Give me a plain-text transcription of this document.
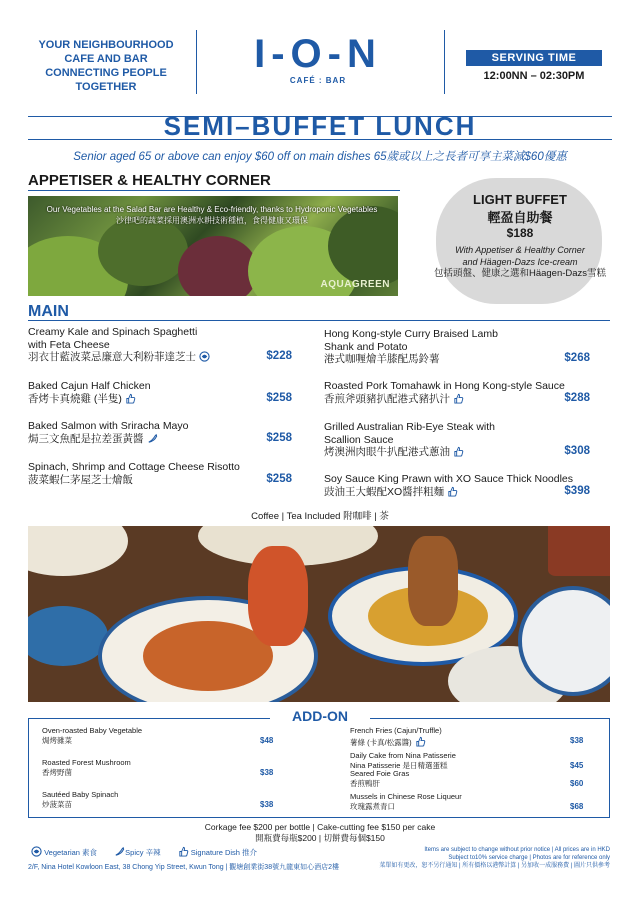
YOUR NEIGHBOURHOOD
CAFE AND BAR
CONNECTING PEOPLE
TOGETHER
I-O-N
CAFÉ : BAR
SERVING TIME
12:00NN – 02:30PM
SEMI–BUFFET LUNCH
Senior aged 65 or above can enjoy $60 off on main dishes 65歲或以上之長者可享主菜減$60優惠
APPETISER & HEALTHY CORNER
Our Vegetables at the Salad Bar are Healthy & Eco-friendly, thanks to Hydroponic Vegetables
沙律吧的蔬菜採用澳洲水耕技術種植，食得健康又環保
AQUAGREEN
LIGHT BUFFET
輕盈自助餐
$188
With Appetiser & Healthy Corner
and Häagen-Dazs Ice-cream
包括頭盤、健康之選和Häagen-Dazs雪糕
MAIN
Creamy Kale and Spinach Spaghetti
with Feta Cheese
羽衣甘藍波菜忌廉意大利粉菲達芝士	$228
Baked Cajun Half Chicken
香烤卡真燒雞 (半隻)	$258
Baked Salmon with Sriracha Mayo
焗三文魚配是拉差蛋黃醬	$258
Spinach, Shrimp and Cottage Cheese Risotto
菠菜蝦仁茅屋芝士燴飯	$258
Hong Kong-style Curry Braised Lamb
Shank and Potato
港式咖喱燴羊膝配馬鈴薯	$268
Roasted Pork Tomahawk in Hong Kong-style Sauce
香煎斧頭豬扒配港式豬扒汁	$288
Grilled Australian Rib-Eye Steak with
Scallion Sauce
烤澳洲肉眼牛扒配港式蔥油	$308
Soy Sauce King Prawn with XO Sauce Thick Noodles
豉油王大蝦配XO醬拌粗麵	$398
Coffee | Tea Included 附咖啡 | 茶
ADD-ON
Oven-roasted Baby Vegetable
焗烤雜菜	$48
Roasted Forest Mushroom
香烤野菌	$38
Sautéed Baby Spinach
炒菠菜苗	$38
French Fries (Cajun/Truffle)
薯條 (卡真/松露醬)	$38
Daily Cake from Nina Patisserie
Nina Patisserie 是日精選蛋糕	$45
Seared Foie Gras
香煎鴨肝	$60
Mussels in Chinese Rose Liqueur
玫瑰露煮青口	$68
Corkage fee $200 per bottle | Cake-cutting fee $150 per cake
開瓶費每瓶$200 | 切餅費每個$150
Vegetarian 素食	Spicy 辛辣	Signature Dish 推介
2/F, Nina Hotel Kowloon East, 38 Chong Yip Street, Kwun Tong | 觀塘創業街38號九龍東如心酒店2樓
Items are subject to change without prior notice | All prices are in HKD
Subject to10% service charge | Photos are for reference only
菜單如有更改，恕不另行通知 | 所有價格以港幣計算 | 另加收一成服務費 | 圖片只供參考
